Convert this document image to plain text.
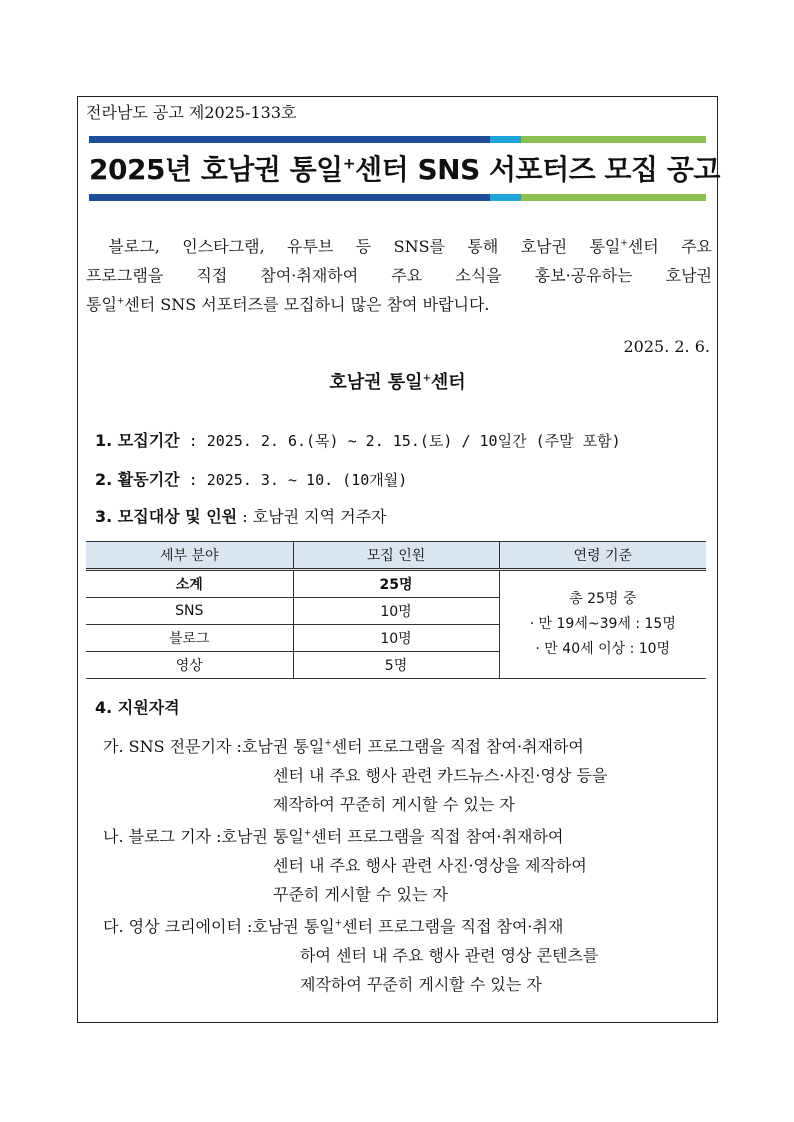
전라남도 공고 제2025-133호
2025년 호남권 통일+센터 SNS 서포터즈 모집 공고

블로그, 인스타그램, 유투브 등 SNS를 통해 호남권 통일+센터 주요

프로그램을 직접 참여·취재하여 주요 소식을 홍보·공유하는 호남권

통일+센터 SNS 서포터즈를 모집하니 많은 참여 바랍니다.

2025. 2. 6.
호남권 통일+센터
1. 모집기간 : 2025. 2. 6.(목) ~ 2. 15.(토) / 10일간 (주말 포함)
2. 활동기간 : 2025. 3. ~ 10. (10개월)
3. 모집대상 및 인원 : 호남권 지역 거주자
세부 분야	모집 인원	연령 기준
소계	25명	총 25명 중
· 만 19세~39세 : 15명
· 만 40세 이상 : 10명

SNS	10명	
블로그	10명	
영상	5명	
4. 지원자격
가. SNS 전문기자 :호남권 통일+센터 프로그램을 직접 참여·취재하여
센터 내 주요 행사 관련 카드뉴스·사진·영상 등을
제작하여 꾸준히 게시할 수 있는 자
나. 블로그 기자 :호남권 통일+센터 프로그램을 직접 참여·취재하여
센터 내 주요 행사 관련 사진·영상을 제작하여
꾸준히 게시할 수 있는 자
다. 영상 크리에이터 :호남권 통일+센터 프로그램을 직접 참여·취재
하여 센터 내 주요 행사 관련 영상 콘텐츠를
제작하여 꾸준히 게시할 수 있는 자
